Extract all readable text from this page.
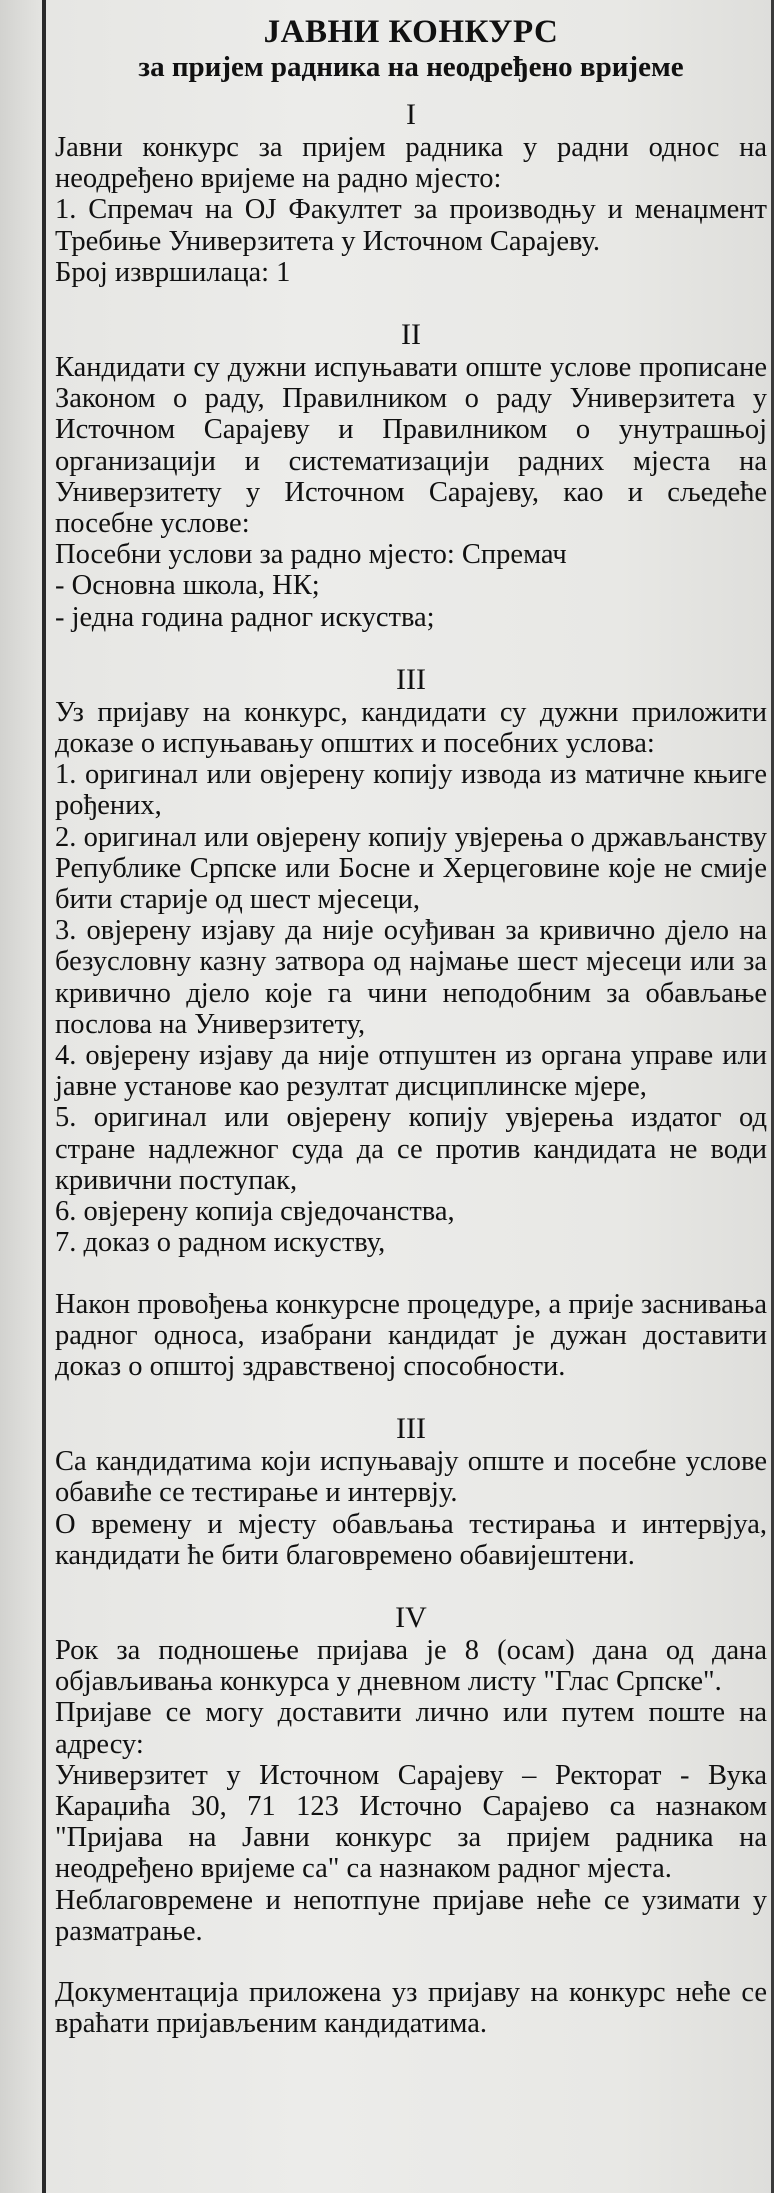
ЈАВНИ КОНКУРС
за пријем радника на неодређено вријеме
I

Јавни конкурс за пријем радника у радни однос на неодређено вријеме на радно мјесто:

1. Спремач на ОЈ Факултет за производњу и менаџмент Требиње Универзитета у Источном Сарајеву.

Број извршилаца: 1

II

Кандидати су дужни испуњавати опште услове прописане Законом о раду, Правилником о раду Универзитета у Источном Сарајеву и Правилником о унутрашњој организацији и систематизацији радних мјеста на Универзитету у Источном Сарајеву, као и сљедеће посебне услове:

Посебни услови за радно мјесто: Спремач

- Основна школа, НК;

- једна година радног искуства;

III

Уз пријаву на конкурс, кандидати су дужни приложити доказе о испуњавању општих и посебних услова:

1. оригинал или овјерену копију извода из матичне књиге рођених,

2. оригинал или овјерену копију увјерења о држављанству Републике Српске или Босне и Херцеговине које не смије бити старије од шест мјесеци,

3. овјерену изјаву да није осуђиван за кривично дјело на безусловну казну затвора од најмање шест мјесеци или за кривично дјело које га чини неподобним за обављање послова на Универзитету,

4. овјерену изјаву да није отпуштен из органа управе или јавне установе као резултат дисциплинске мјере,

5. оригинал или овјерену копију увјерења издатог од стране надлежног суда да се против кандидата не води кривични поступак,

6. овјерену копија свједочанства,

7. доказ о радном искуству,

Након провођења конкурсне процедуре, а прије заснивања радног односа, изабрани кандидат је дужан доставити доказ о општој здравственој способности.

III

Са кандидатима који испуњавају опште и посебне услове обавиће се тестирање и интервју.

О времену и мјесту обављања тестирања и интервјуа, кандидати ће бити благовремено обавијештени.

IV

Рок за подношење пријава је 8 (осам) дана од дана објављивања конкурса у дневном листу "Глас Српске".

Пријаве се могу доставити лично или путем поште на адресу:

Универзитет у Источном Сарајеву – Ректорат - Вука Караџића 30, 71 123 Источно Сарајево са назнаком "Пријава на Јавни конкурс за пријем радника на неодређено вријеме са" са назнаком радног мјеста.

Неблаговремене и непотпуне пријаве неће се узимати у разматрање.

Документација приложена уз пријаву на конкурс неће се враћати пријављеним кандидатима.
